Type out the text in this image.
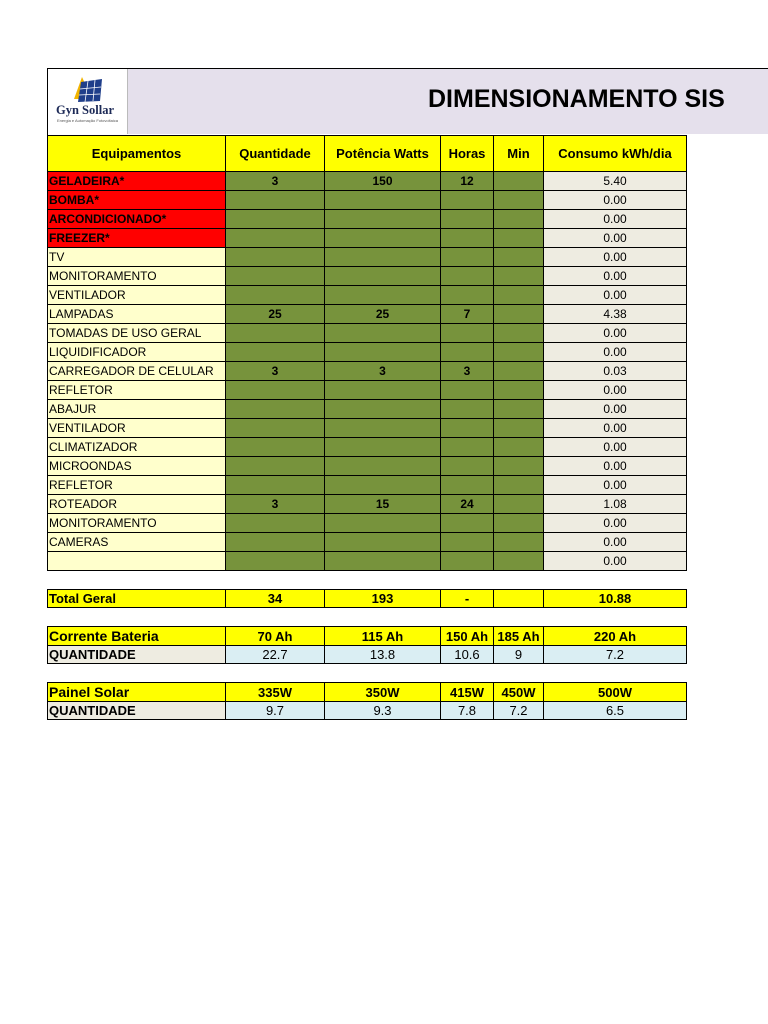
Gyn Sollar
Energia e Automação Fotovoltaica
DIMENSIONAMENTO SIS
Equipamentos	Quantidade	Potência Watts	Horas	Min	Consumo kWh/dia
GELADEIRA*	3	150	12		5.40
BOMBA*					0.00
ARCONDICIONADO*					0.00
FREEZER*					0.00
TV					0.00
MONITORAMENTO					0.00
VENTILADOR					0.00
LAMPADAS	25	25	7		4.38
TOMADAS DE USO GERAL					0.00
LIQUIDIFICADOR					0.00
CARREGADOR DE CELULAR	3	3	3		0.03
REFLETOR					0.00
ABAJUR					0.00
VENTILADOR					0.00
CLIMATIZADOR					0.00
MICROONDAS					0.00
REFLETOR					0.00
ROTEADOR	3	15	24		1.08
MONITORAMENTO					0.00
CAMERAS					0.00
					0.00
Total Geral	34	193	-		10.88
Corrente Bateria	70 Ah	115 Ah	150 Ah	185 Ah	220 Ah
QUANTIDADE	22.7	13.8	10.6	9	7.2
Painel Solar	335W	350W	415W	450W	500W
QUANTIDADE	9.7	9.3	7.8	7.2	6.5
